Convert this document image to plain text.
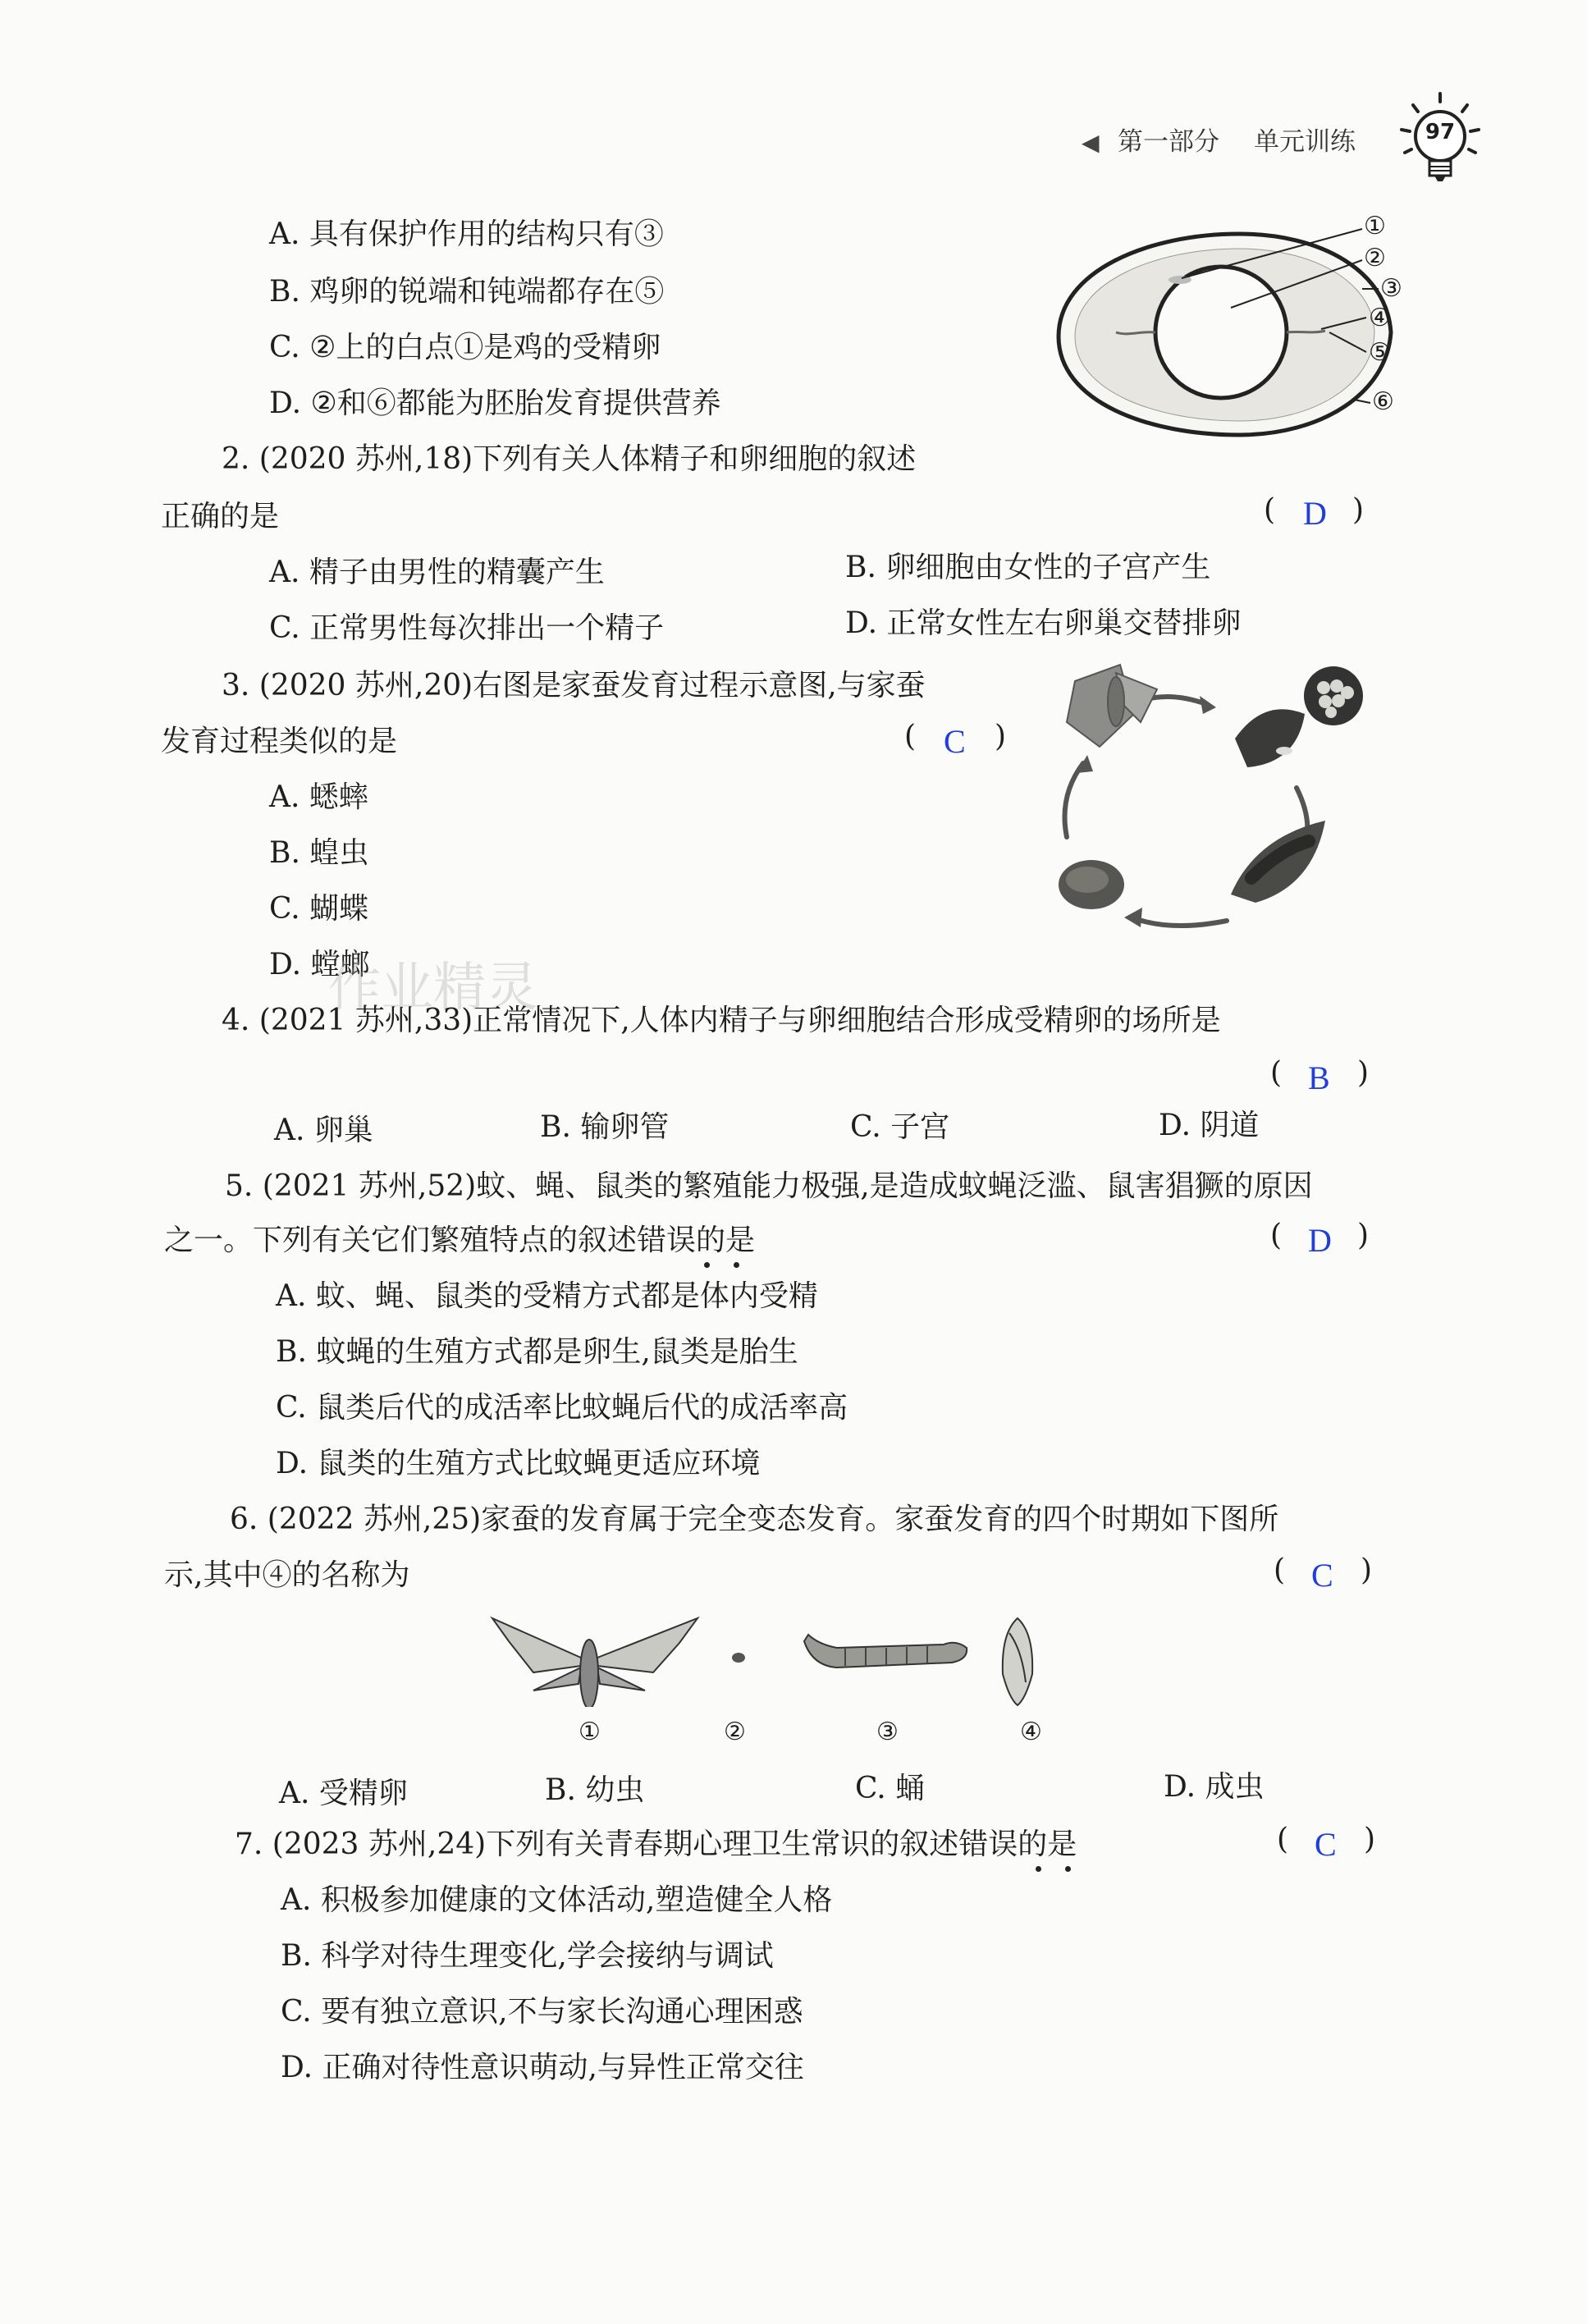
◀ 第一部分 单元训练	97
A. 具有保护作用的结构只有③
B. 鸡卵的锐端和钝端都存在⑤
C. ②上的白点①是鸡的受精卵
D. ②和⑥都能为胚胎发育提供营养
①
②
③
④
⑤
⑥
2. (2020 苏州,18)下列有关人体精子和卵细胞的叙述
正确的是	( D )
A. 精子由男性的精囊产生	B. 卵细胞由女性的子宫产生
C. 正常男性每次排出一个精子	D. 正常女性左右卵巢交替排卵
3. (2020 苏州,20)右图是家蚕发育过程示意图,与家蚕
发育过程类似的是	( C )
A. 蟋蟀
B. 蝗虫
C. 蝴蝶
D. 螳螂
作业精灵
4. (2021 苏州,33)正常情况下,人体内精子与卵细胞结合形成受精卵的场所是
( B )
A. 卵巢	B. 输卵管	C. 子宫	D. 阴道
5. (2021 苏州,52)蚊、蝇、鼠类的繁殖能力极强,是造成蚊蝇泛滥、鼠害猖獗的原因
之一。下列有关它们繁殖特点的叙述错误的是	( D )
A. 蚊、蝇、鼠类的受精方式都是体内受精
B. 蚊蝇的生殖方式都是卵生,鼠类是胎生
C. 鼠类后代的成活率比蚊蝇后代的成活率高
D. 鼠类的生殖方式比蚊蝇更适应环境
6. (2022 苏州,25)家蚕的发育属于完全变态发育。家蚕发育的四个时期如下图所
示,其中④的名称为	( C )
①	②	③	④
A. 受精卵	B. 幼虫	C. 蛹	D. 成虫
7. (2023 苏州,24)下列有关青春期心理卫生常识的叙述错误的是	( C )
A. 积极参加健康的文体活动,塑造健全人格
B. 科学对待生理变化,学会接纳与调试
C. 要有独立意识,不与家长沟通心理困惑
D. 正确对待性意识萌动,与异性正常交往
